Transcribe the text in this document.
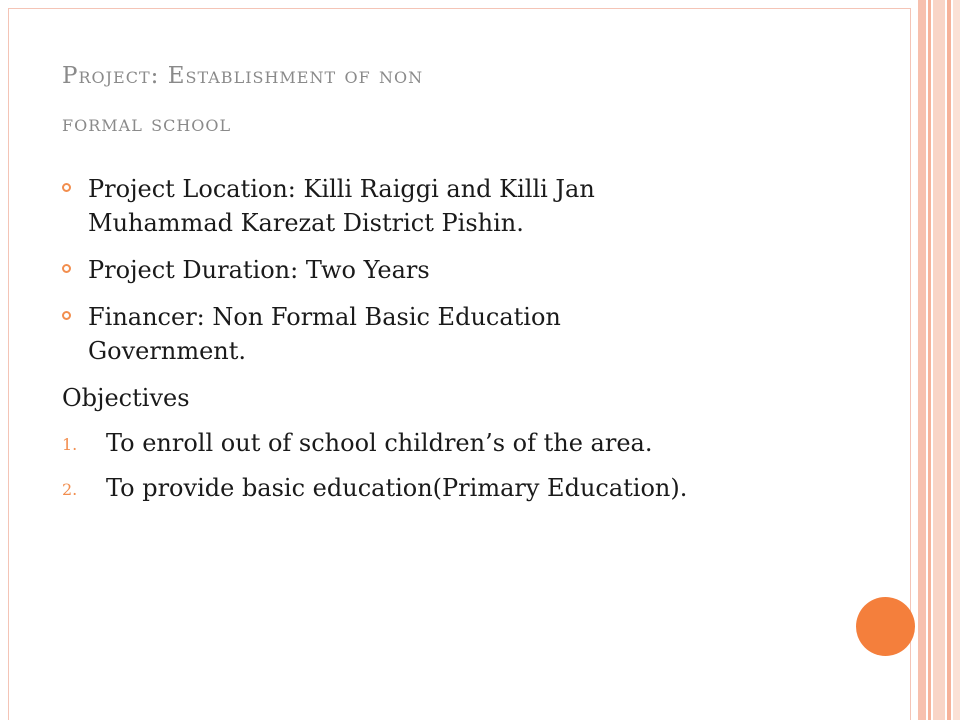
Project: Establishment of non
formal school
Project Location: Killi Raiggi and Killi Jan
Muhammad Karezat District Pishin.
Project Duration: Two Years
Financer: Non Formal Basic Education
Government.
Objectives
1. To enroll out of school children’s of the area.
2. To provide basic education(Primary Education).
